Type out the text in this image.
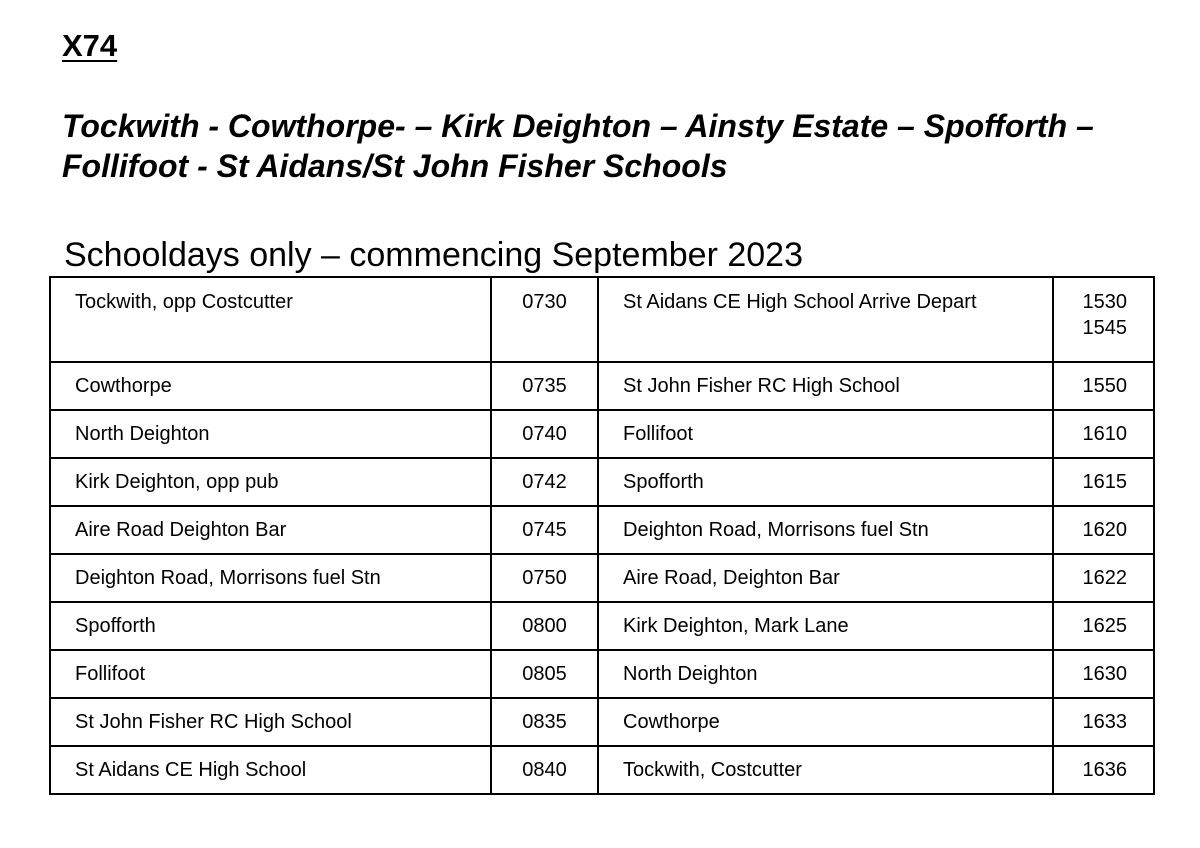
X74
Tockwith - Cowthorpe- – Kirk Deighton – Ainsty Estate – Spofforth – Follifoot - St Aidans/St John Fisher Schools
Schooldays only – commencing September 2023
Tockwith, opp Costcutter	0730	St Aidans CE High School Arrive Depart	1530
1545

Cowthorpe	0735	St John Fisher RC High School	1550
North Deighton	0740	Follifoot	1610
Kirk Deighton, opp pub	0742	Spofforth	1615
Aire Road Deighton Bar	0745	Deighton Road, Morrisons fuel Stn	1620
Deighton Road, Morrisons fuel Stn	0750	Aire Road, Deighton Bar	1622
Spofforth	0800	Kirk Deighton, Mark Lane	1625
Follifoot	0805	North Deighton	1630
St John Fisher RC High School	0835	Cowthorpe	1633
St Aidans CE High School	0840	Tockwith, Costcutter	1636
